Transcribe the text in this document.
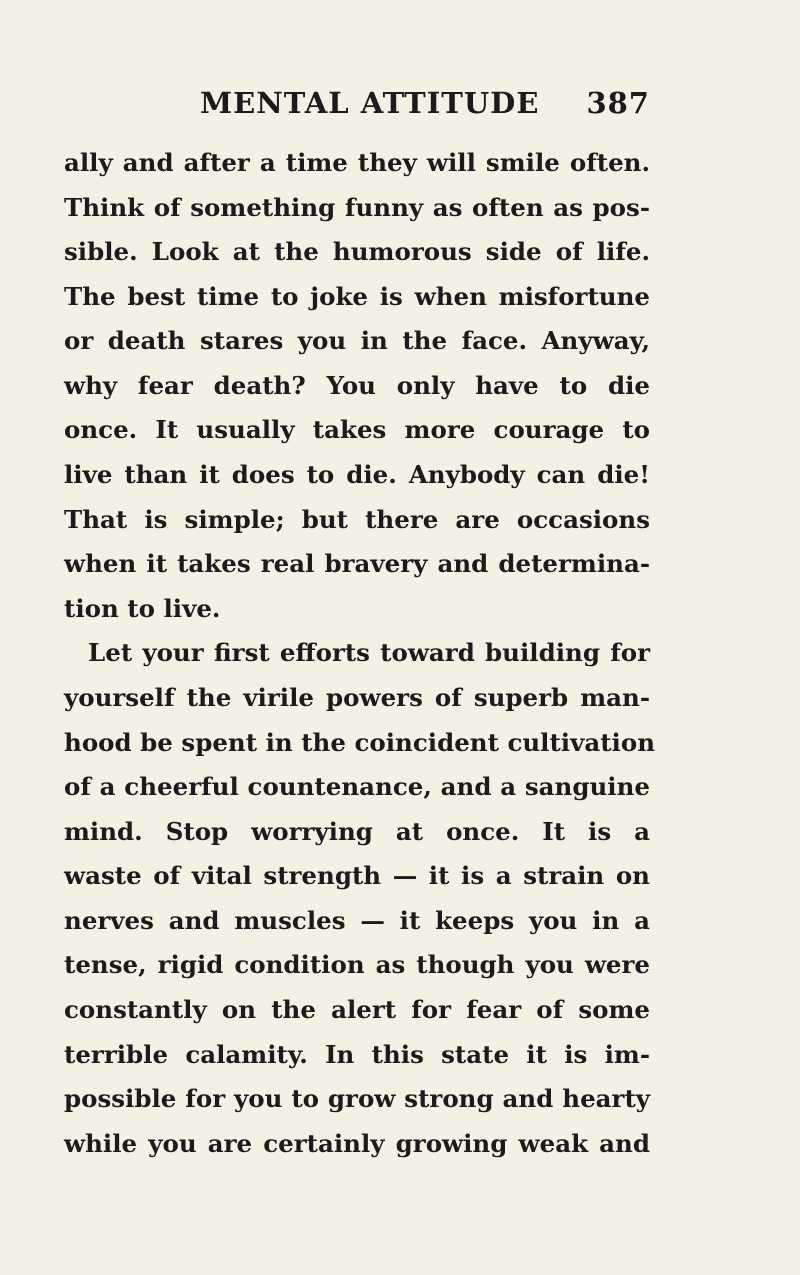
MENTAL ATTITUDE 387
ally and after a time they will smile often.
Think of something funny as often as pos-
sible. Look at the humorous side of life.
The best time to joke is when misfortune
or death stares you in the face. Anyway,
why fear death? You only have to die
once. It usually takes more courage to
live than it does to die. Anybody can die!
That is simple; but there are occasions
when it takes real bravery and determina-
tion to live.
Let your first efforts toward building for
yourself the virile powers of superb man-
hood be spent in the coincident cultivation
of a cheerful countenance, and a sanguine
mind. Stop worrying at once. It is a
waste of vital strength — it is a strain on
nerves and muscles — it keeps you in a
tense, rigid condition as though you were
constantly on the alert for fear of some
terrible calamity. In this state it is im-
possible for you to grow strong and hearty
while you are certainly growing weak and
